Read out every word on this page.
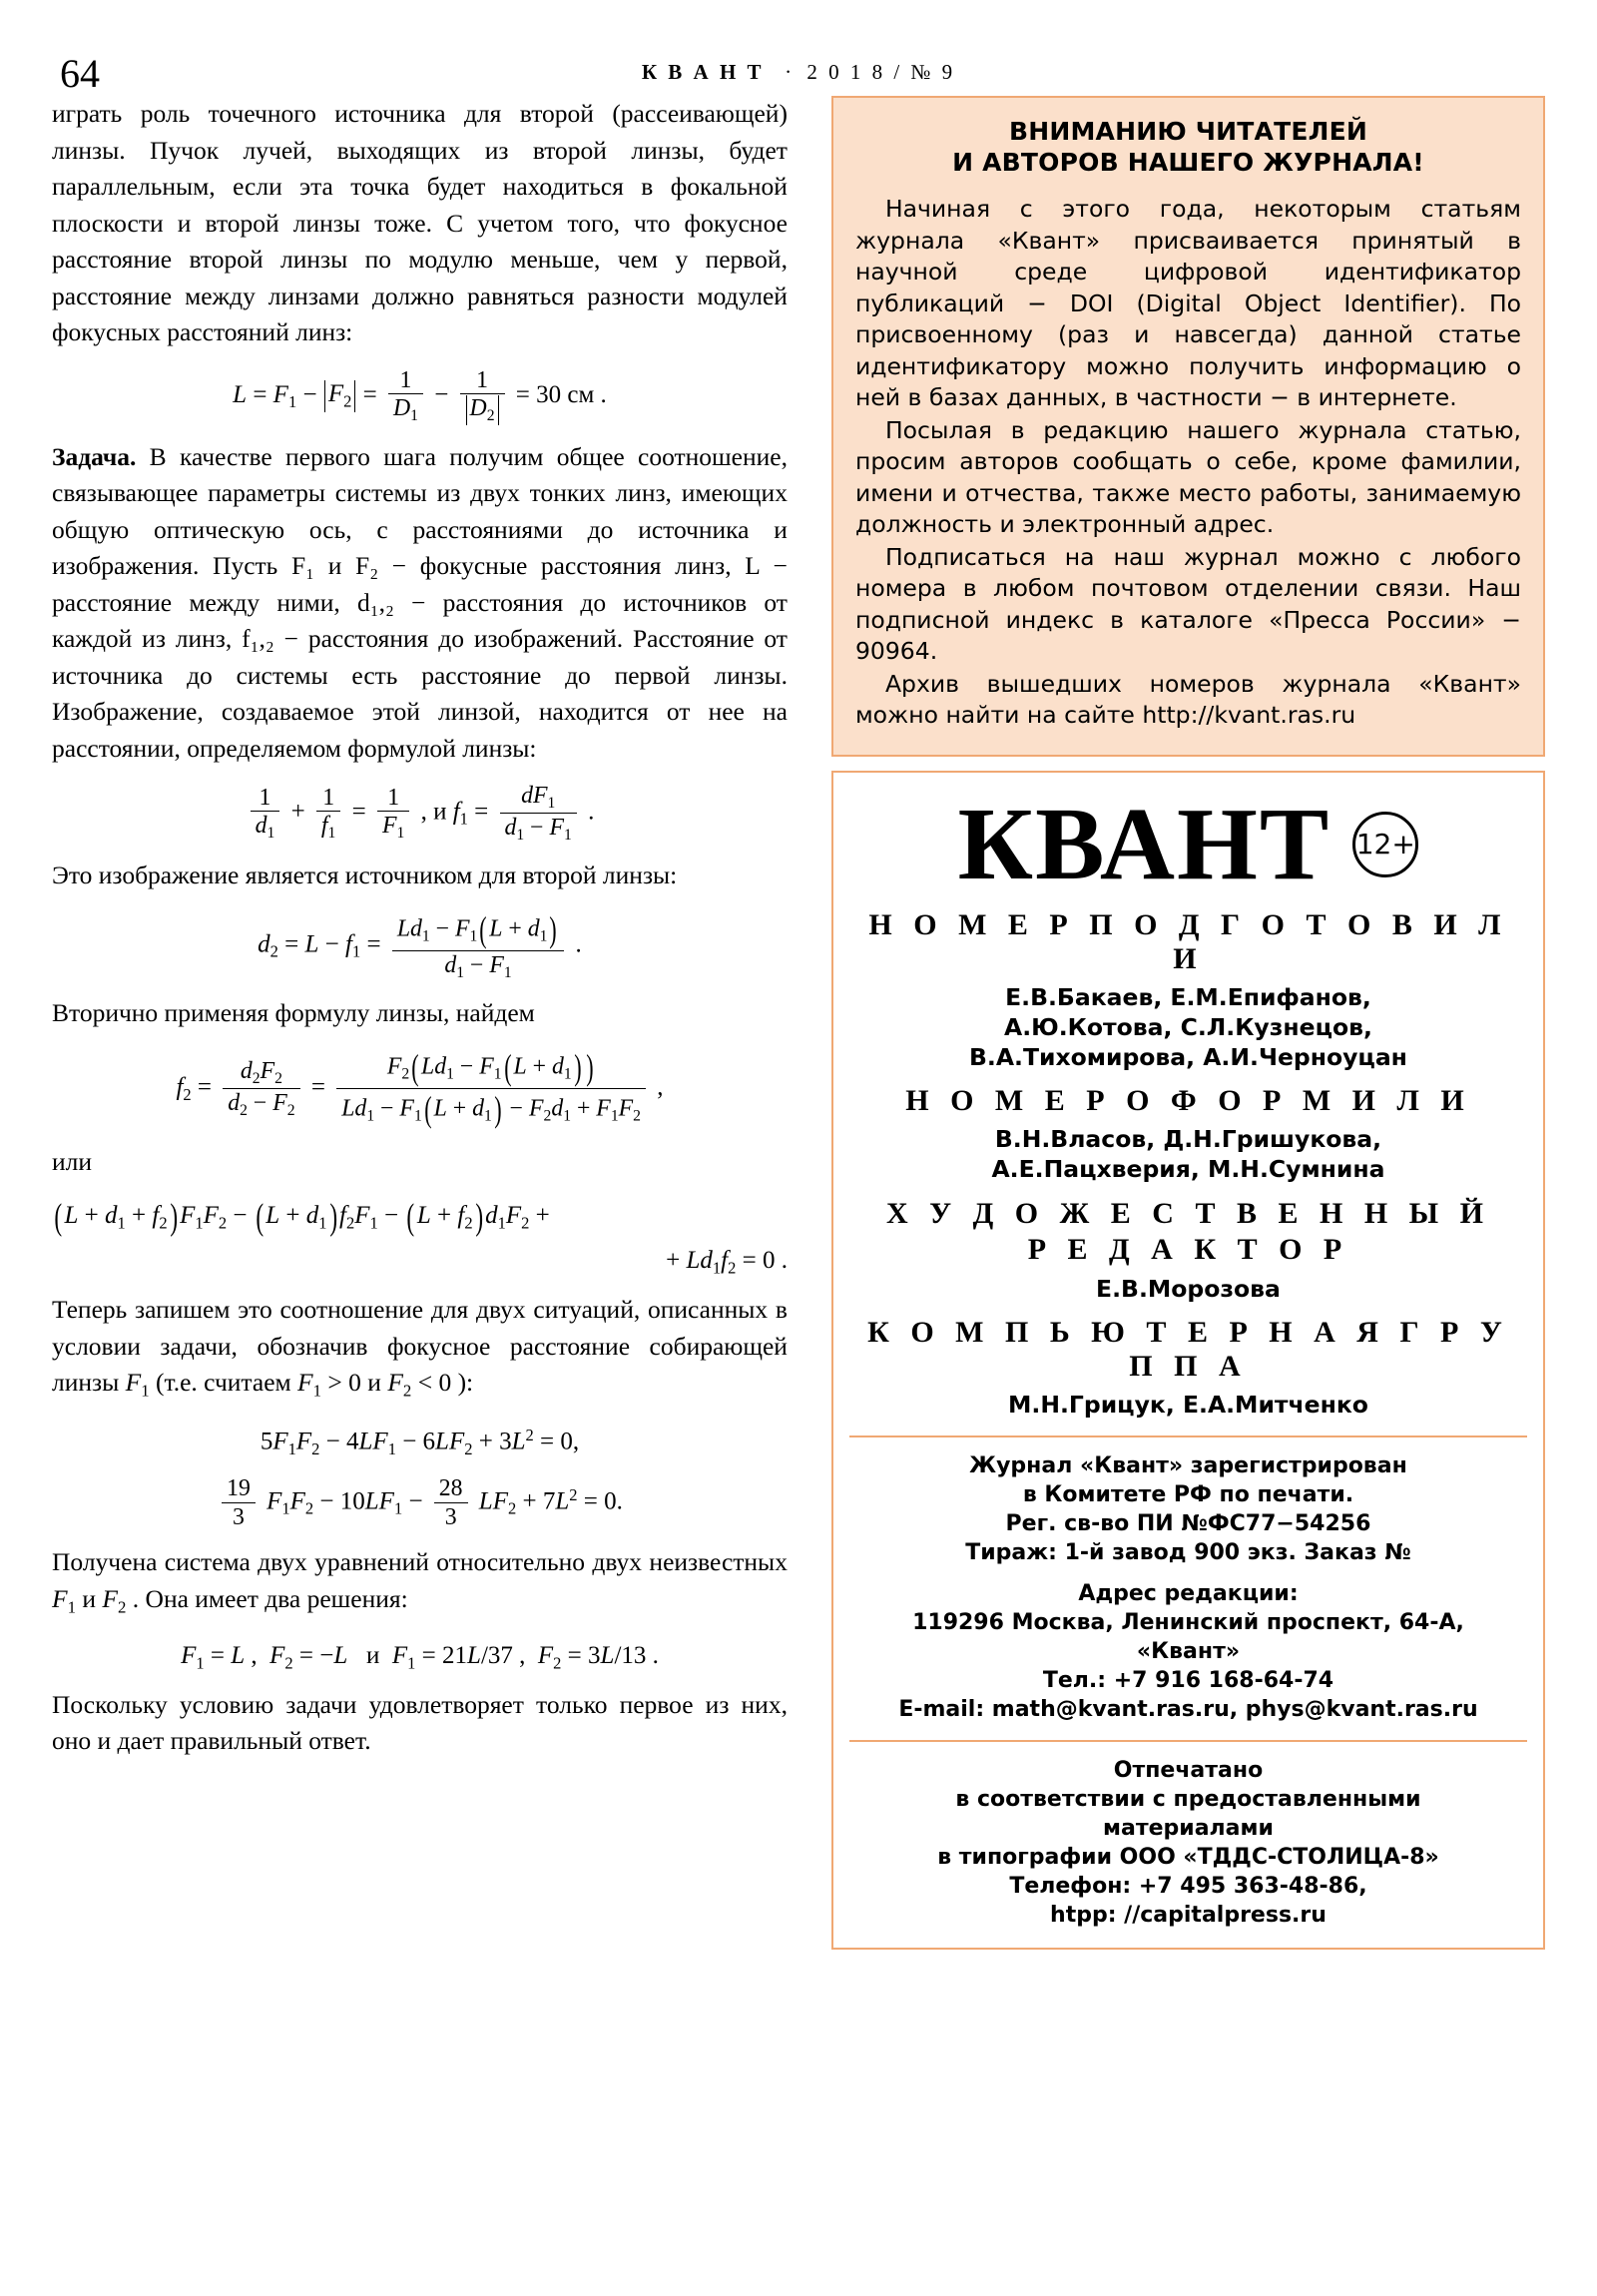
64	К В А Н Т · 2 0 1 8 / № 9

играть роль точечного источника для второй (рассеивающей) линзы. Пучок лучей, выходящих из второй линзы, будет параллельным, если эта точка будет находиться в фокальной плоскости и второй линзы тоже. С учетом того, что фокусное расстояние второй линзы по модулю меньше, чем у первой, расстояние между линзами должно равняться разности модулей фокусных расстояний линз:

$L = F_1 - F_2 = \frac{1}{D_1} - \frac{1}{D_2} = 30$ см .

Задача. В качестве первого шага получим общее соотношение, связывающее параметры системы из двух тонких линз, имеющих общую оптическую ось, с расстояниями до источника и изображения. Пусть F₁ и F₂ − фокусные расстояния линз, L − расстояние между ними, d₁,₂ − расстояния до источников от каждой из линз, f₁,₂ − расстояния до изображений. Расстояние от источника до системы есть расстояние до первой линзы. Изображение, создаваемое этой линзой, находится от нее на расстоянии, определяемом формулой линзы:

$\frac{1}{d_1} + \frac{1}{f_1} = \frac{1}{F_1}$ , и $f_1 = \frac{dF_1}{d_1 - F_1}$ .

Это изображение является источником для второй линзы:

$d_2 = L - f_1 = \frac{Ld_1 - F_1(L + d_1)}{d_1 - F_1}$ .

Вторично применяя формулу линзы, найдем

$f_2 = \frac{d_2F_2}{d_2 - F_2} = \frac{F_2(Ld_1 - F_1(L + d_1) )}{Ld_1 - F_1(L + d_1) - F_2d_1 + F_1F_2}$ ,

или

$(L + d_1 + f_2)F_1F_2 - (L + d_1)f_2F_1 - (L + f_2)d_1F_2$ +
+ $Ld_1f_2 = 0$ .

Теперь запишем это соотношение для двух ситуаций, описанных в условии задачи, обозначив фокусное расстояние собирающей линзы $F_1$ (т.е. считаем $F_1 > 0$ и $F_2 < 0$ ):

$5F_1F_2 - 4LF_1 - 6LF_2 + 3L^2 = 0$,
$\frac{19}{3} F_1F_2 - 10LF_1 - \frac{28}{3} LF_2 + 7L^2 = 0$.

Получена система двух уравнений относительно двух неизвестных $F_1$ и $F_2$ . Она имеет два решения:

$F_1 = L$ ,  $F_2 = -L$   и  $F_1 = 21L/37$ ,  $F_2 = 3L/13$ .

Поскольку условию задачи удовлетворяет только первое из них, оно и дает правильный ответ.

ВНИМАНИЮ ЧИТАТЕЛЕЙ
И АВТОРОВ НАШЕГО ЖУРНАЛА!

Начиная с этого года, некоторым статьям журнала «Квант» присваивается принятый в научной среде цифровой идентификатор публикаций − DOI (Digital Object Identifier). По присвоенному (раз и навсегда) данной статье идентификатору можно получить информацию о ней в базах данных, в частности − в интернете.

Посылая в редакцию нашего журнала статью, просим авторов сообщать о себе, кроме фамилии, имени и отчества, также место работы, занимаемую должность и электронный адрес.

Подписаться на наш журнал можно с любого номера в любом почтовом отделении связи. Наш подписной индекс в каталоге «Пресса России» − 90964.

Архив вышедших номеров журнала «Квант» можно найти на сайте http://kvant.ras.ru

КВАНТ 12+
Н О М Е Р П О Д Г О Т О В И Л И
Е.В.Бакаев, Е.М.Епифанов,
А.Ю.Котова, С.Л.Кузнецов,
В.А.Тихомирова, А.И.Черноуцан
Н О М Е Р О Ф О Р М И Л И
В.Н.Власов, Д.Н.Гришукова,
А.Е.Пацхверия, М.Н.Сумнина
Х У Д О Ж Е С Т В Е Н Н Ы Й
Р Е Д А К Т О Р
Е.В.Морозова
К О М П Ь Ю Т Е Р Н А Я Г Р У П П А
М.Н.Грицук, Е.А.Митченко
Журнал «Квант» зарегистрирован
в Комитете РФ по печати.
Рег. св-во ПИ №ФС77−54256
Тираж: 1-й завод 900 экз. Заказ №
Адрес редакции:
119296 Москва, Ленинский проспект, 64-А,
«Квант»
Тел.: +7 916 168-64-74
E-mail: math@kvant.ras.ru, phys@kvant.ras.ru
Отпечатано
в соответствии с предоставленными
материалами
в типографии ООО «ТДДС-СТОЛИЦА-8»
Телефон: +7 495 363-48-86,
htpp: //capitalpress.ru
